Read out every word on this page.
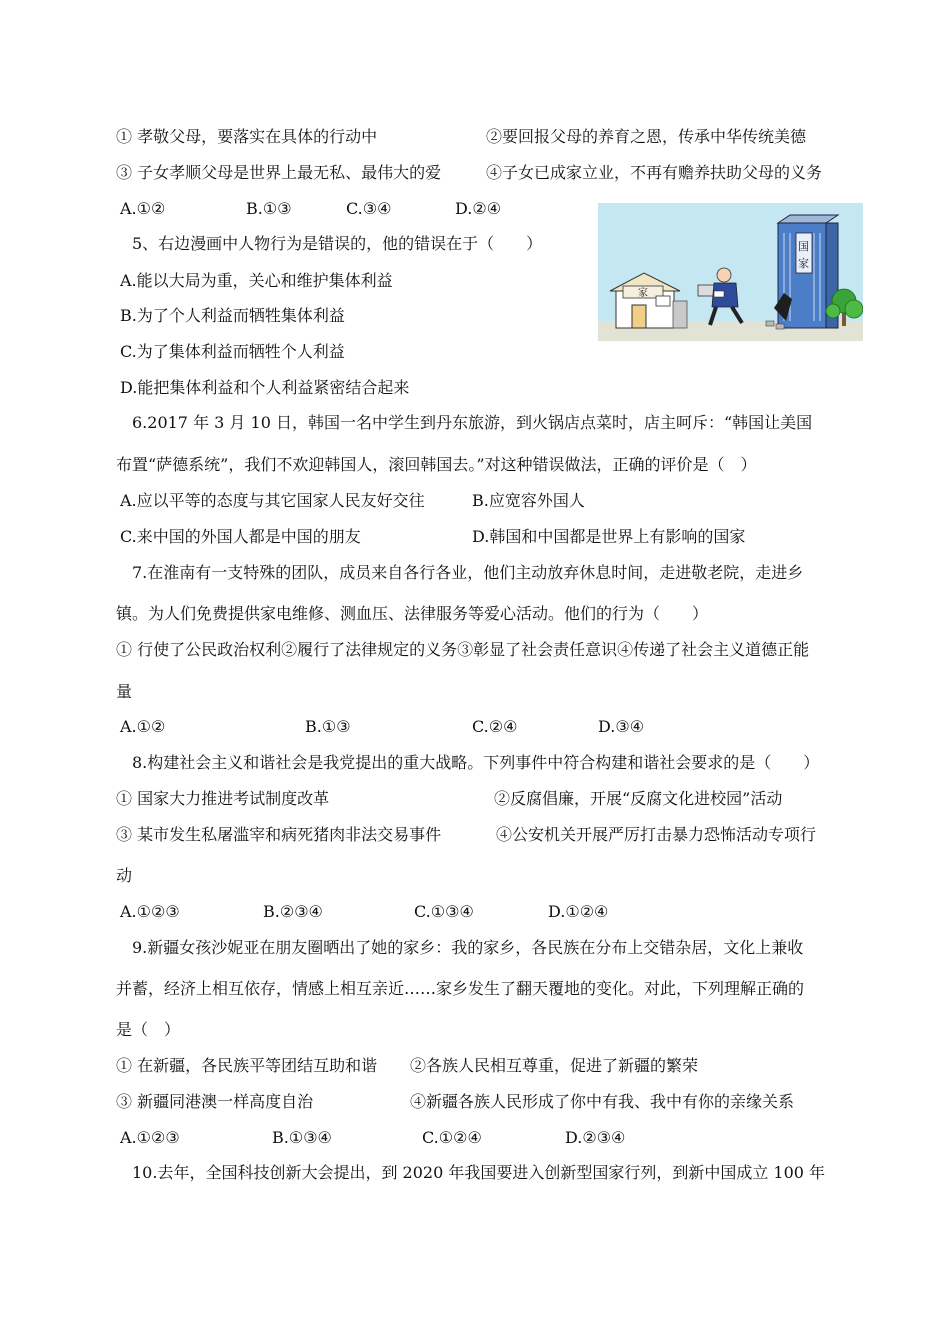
① 孝敬父母，要落实在具体的行动中	②要回报父母的养育之恩，传承中华传统美德
③ 子女孝顺父母是世界上最无私、最伟大的爱	④子女已成家立业，不再有赡养扶助父母的义务
A.①②	B.①③	C.③④	D.②④
5、右边漫画中人物行为是错误的，他的错误在于（　　）
A.能以大局为重，关心和维护集体利益
B.为了个人利益而牺牲集体利益
C.为了集体利益而牺牲个人利益
D.能把集体利益和个人利益紧密结合起来
6.2017 年 3 月 10 日，韩国一名中学生到丹东旅游，到火锅店点菜时，店主呵斥：“韩国让美国
布置“萨德系统”，我们不欢迎韩国人，滚回韩国去。”对这种错误做法，正确的评价是（　）
A.应以平等的态度与其它国家人民友好交往	B.应宽容外国人
C.来中国的外国人都是中国的朋友	D.韩国和中国都是世界上有影响的国家
7.在淮南有一支特殊的团队，成员来自各行各业，他们主动放弃休息时间，走进敬老院，走进乡
镇。为人们免费提供家电维修、测血压、法律服务等爱心活动。他们的行为（　　）
① 行使了公民政治权利②履行了法律规定的义务③彰显了社会责任意识④传递了社会主义道德正能
量
A.①②	B.①③	C.②④	D.③④
8.构建社会主义和谐社会是我党提出的重大战略。下列事件中符合构建和谐社会要求的是（　　）
① 国家大力推进考试制度改革	②反腐倡廉，开展“反腐文化进校园”活动
③ 某市发生私屠滥宰和病死猪肉非法交易事件	④公安机关开展严厉打击暴力恐怖活动专项行
动
A.①②③	B.②③④	C.①③④	D.①②④
9.新疆女孩沙妮亚在朋友圈晒出了她的家乡：我的家乡，各民族在分布上交错杂居，文化上兼收
并蓄，经济上相互依存，情感上相互亲近……家乡发生了翻天覆地的变化。对此，下列理解正确的
是（　）
① 在新疆，各民族平等团结互助和谐 ②各族人民相互尊重，促进了新疆的繁荣
③ 新疆同港澳一样高度自治	④新疆各族人民形成了你中有我、我中有你的亲缘关系
A.①②③	B.①③④	C.①②④	D.②③④
10.去年，全国科技创新大会提出，到 2020 年我国要进入创新型国家行列，到新中国成立 100 年
家
国
家
